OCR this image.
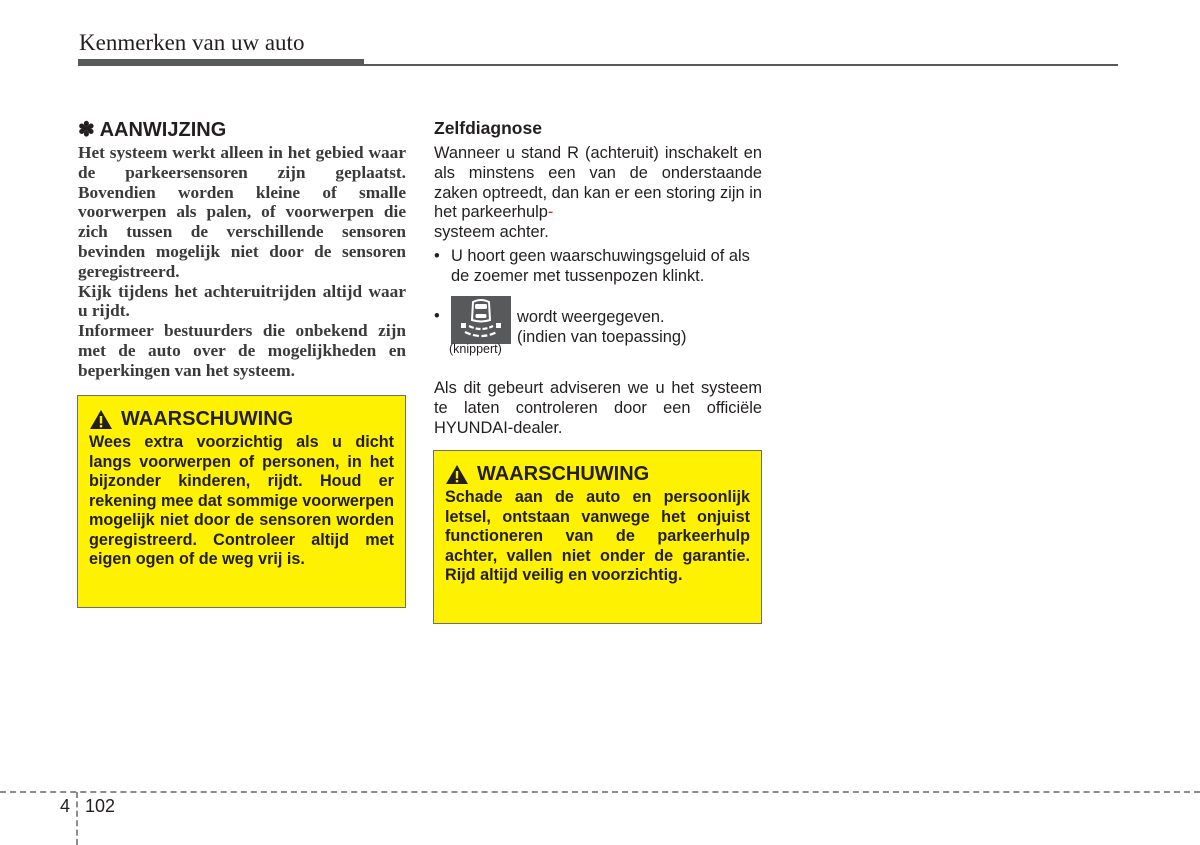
Kenmerken van uw auto
✽ AANWIJZING

Het systeem werkt alleen in het gebied waar de parkeersensoren zijn geplaatst. Bovendien worden kleine of smalle voorwerpen als palen, of voorwerpen die zich tussen de verschillende sensoren bevinden mogelijk niet door de sensoren geregistreerd.

Kijk tijdens het achteruitrijden altijd waar u rijdt.

Informeer bestuurders die onbekend zijn met de auto over de mogelijkheden en beperkingen van het systeem.

WAARSCHUWING
Wees extra voorzichtig als u dicht langs voorwerpen of personen, in het bijzonder kinderen, rijdt. Houd er rekening mee dat sommige voorwerpen mogelijk niet door de sensoren worden geregistreerd. Controleer altijd met eigen ogen of de weg vrij is.
Zelfdiagnose
Wanneer u stand R (achteruit) inschakelt en als minstens een van de onderstaande zaken optreedt, dan kan er een storing zijn in het parkeerhulp-
systeem achter.
• U hoort geen waarschuwingsgeluid of als de zoemer met tussenpozen klinkt.
•
(knippert)
wordt weergegeven.
(indien van toepassing)
Als dit gebeurt adviseren we u het systeem te laten controleren door een officiële HYUNDAI-dealer.
WAARSCHUWING
Schade aan de auto en persoonlijk letsel, ontstaan vanwege het onjuist functioneren van de parkeerhulp achter, vallen niet onder de garantie. Rijd altijd veilig en voorzichtig.
4 102
